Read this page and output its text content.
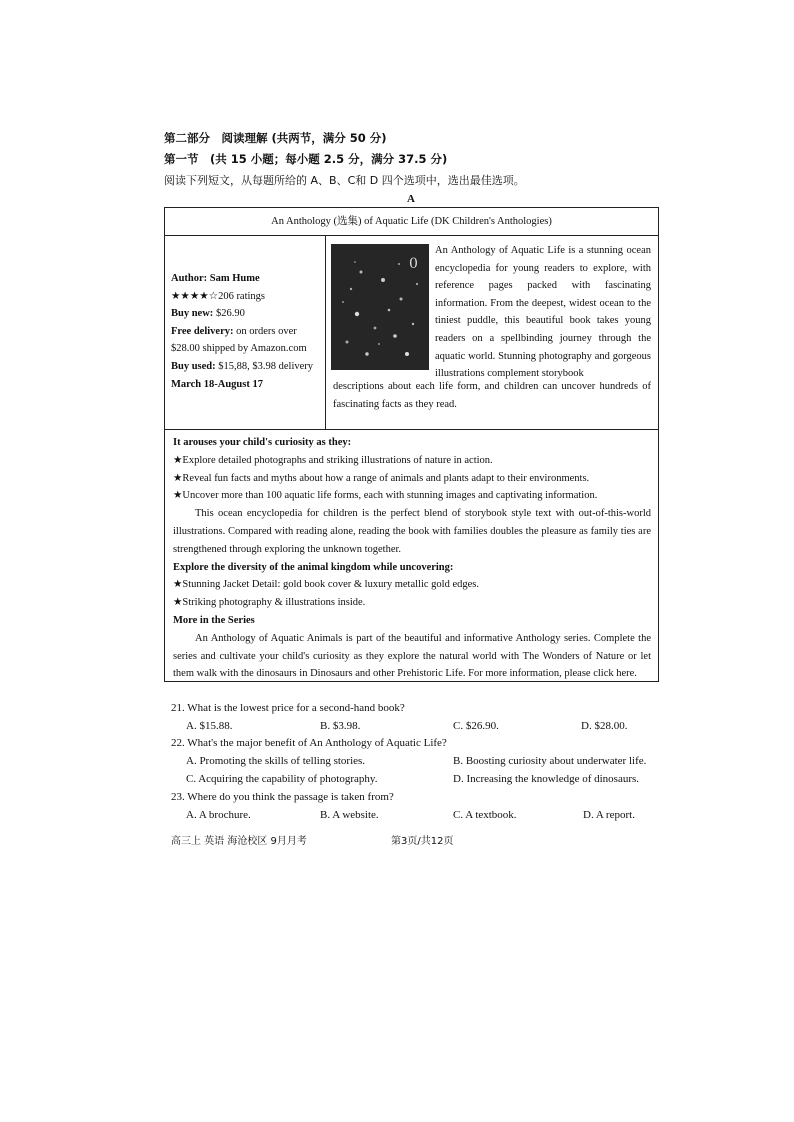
第二部分　阅读理解 (共两节，满分 50 分)
第一节　(共 15 小题；每小题 2.5 分，满分 37.5 分)
阅读下列短文，从每题所给的 A、B、C和 D 四个选项中，选出最佳选项。
A
An Anthology (选集) of Aquatic Life (DK Children's Anthologies)
Author: Sam Hume
★★★★☆206 ratings
Buy new: $26.90
Free delivery: on orders over
$28.00 shipped by Amazon.com
Buy used: $15,88, $3.98 delivery
March 18-August 17
0
An Anthology of Aquatic Life is a stunning ocean encyclopedia for young readers to explore, with reference pages packed with fascinating information. From the deepest, widest ocean to the tiniest puddle, this beautiful book takes young readers on a spellbinding journey through the aquatic world. Stunning photography and gorgeous illustrations complement storybook
descriptions about each life form, and children can uncover hundreds of fascinating facts as they read.

It arouses your child's curiosity as they:

★Explore detailed photographs and striking illustrations of nature in action.

★Reveal fun facts and myths about how a range of animals and plants adapt to their environments.

★Uncover more than 100 aquatic life forms, each with stunning images and captivating information.

This ocean encyclopedia for children is the perfect blend of storybook style text with out-of-this-world illustrations. Compared with reading alone, reading the book with families doubles the pleasure as family ties are strengthened through exploring the unknown together.

Explore the diversity of the animal kingdom while uncovering:

★Stunning Jacket Detail: gold book cover & luxury metallic gold edges.

★Striking photography & illustrations inside.

More in the Series

An Anthology of Aquatic Animals is part of the beautiful and informative Anthology series. Complete the series and cultivate your child's curiosity as they explore the natural world with The Wonders of Nature or let them walk with the dinosaurs in Dinosaurs and other Prehistoric Life. For more information, please click here.

21. What is the lowest price for a second-hand book?
A. $15.88.	B. $3.98.	C. $26.90.	D. $28.00.
22. What's the major benefit of An Anthology of Aquatic Life?
A. Promoting the skills of telling stories.	B. Boosting curiosity about underwater life.
C. Acquiring the capability of photography.	D. Increasing the knowledge of dinosaurs.
23. Where do you think the passage is taken from?
A. A brochure.	B. A website.	C. A textbook.	D. A report.
高三上 英语 海沧校区 9月月考	第3页/共12页
